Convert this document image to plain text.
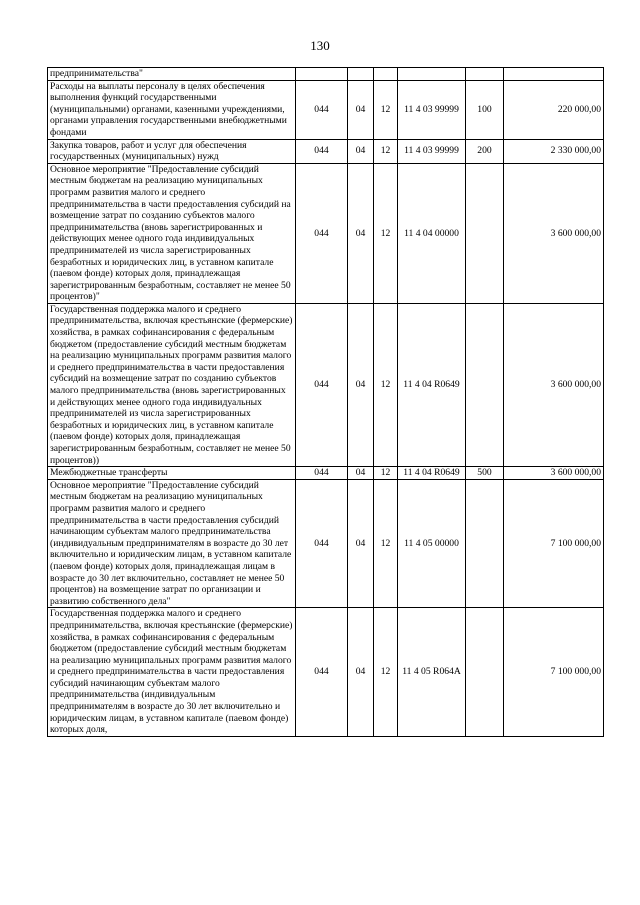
130
предпринимательства"						
Расходы на выплаты персоналу в целях обеспечения выполнения функций государственными (муниципальными) органами, казенными учреждениями, органами управления государственными внебюджетными фондами	044	04	12	11 4 03 99999	100	220 000,00
Закупка товаров, работ и услуг для обеспечения государственных (муниципальных) нужд	044	04	12	11 4 03 99999	200	2 330 000,00
Основное мероприятие "Предоставление субсидий местным бюджетам на реализацию муниципальных программ развития малого и среднего предпринимательства в части предоставления субсидий на возмещение затрат по созданию субъектов малого предпринимательства (вновь зарегистрированных и действующих менее одного года индивидуальных предпринимателей из числа зарегистрированных безработных и юридических лиц, в уставном капитале (паевом фонде) которых доля, принадлежащая зарегистрированным безработным, составляет не менее 50 процентов)"	044	04	12	11 4 04 00000		3 600 000,00
Государственная поддержка малого и среднего предпринимательства, включая крестьянские (фермерские) хозяйства, в рамках софинансирования с федеральным бюджетом (предоставление субсидий местным бюджетам на реализацию муниципальных программ развития малого и среднего предпринимательства в части предоставления субсидий на возмещение затрат по созданию субъектов малого предпринимательства (вновь зарегистрированных и действующих менее одного года индивидуальных предпринимателей из числа зарегистрированных безработных и юридических лиц, в уставном капитале (паевом фонде) которых доля, принадлежащая зарегистрированным безработным, составляет не менее 50 процентов))	044	04	12	11 4 04 R0649		3 600 000,00
Межбюджетные трансферты	044	04	12	11 4 04 R0649	500	3 600 000,00
Основное мероприятие "Предоставление субсидий местным бюджетам на реализацию муниципальных программ развития малого и среднего предпринимательства в части предоставления субсидий начинающим субъектам малого предпринимательства (индивидуальным предпринимателям в возрасте до 30 лет включительно и юридическим лицам, в уставном капитале (паевом фонде) которых доля, принадлежащая лицам в возрасте до 30 лет включительно, составляет не менее 50 процентов) на возмещение затрат по организации и развитию собственного дела"	044	04	12	11 4 05 00000		7 100 000,00
Государственная поддержка малого и среднего предпринимательства, включая крестьянские (фермерские) хозяйства, в рамках софинансирования с федеральным бюджетом (предоставление субсидий местным бюджетам на реализацию муниципальных программ развития малого и среднего предпринимательства в части предоставления субсидий начинающим субъектам малого предпринимательства (индивидуальным предпринимателям в возрасте до 30 лет включительно и юридическим лицам, в уставном капитале (паевом фонде) которых доля,	044	04	12	11 4 05 R064A		7 100 000,00
